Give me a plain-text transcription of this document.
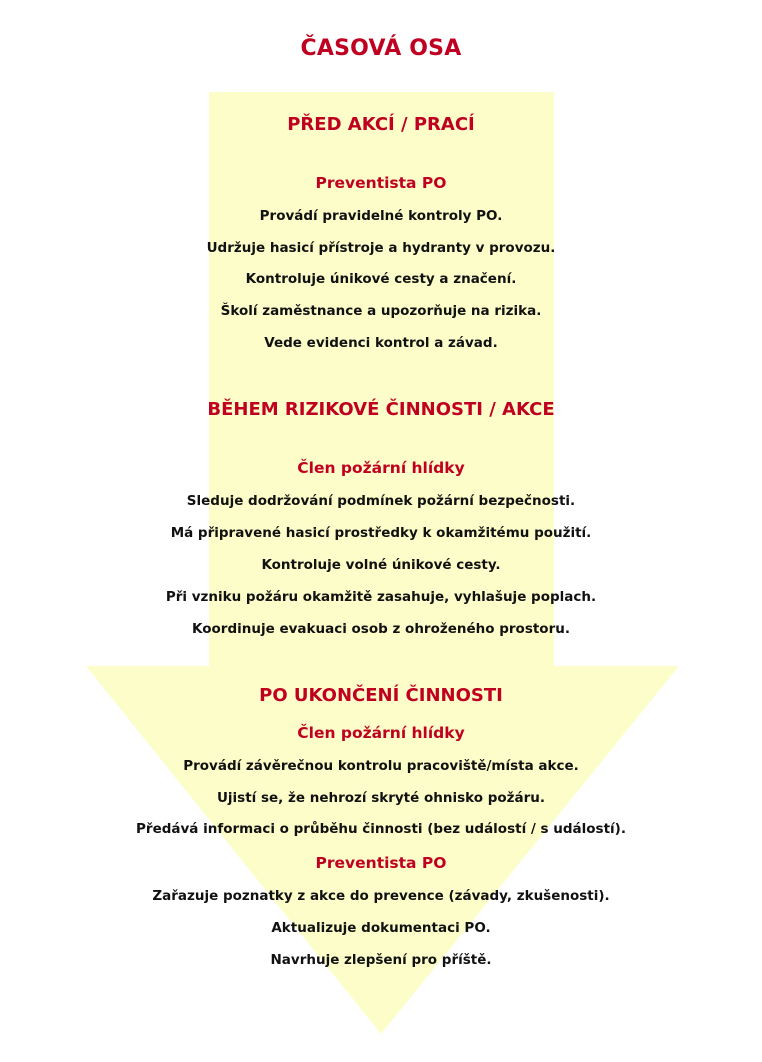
ČASOVÁ OSA
PŘED AKCÍ / PRACÍ
Preventista PO
Provádí pravidelné kontroly PO.
Udržuje hasicí přístroje a hydranty v provozu.
Kontroluje únikové cesty a značení.
Školí zaměstnance a upozorňuje na rizika.
Vede evidenci kontrol a závad.
BĚHEM RIZIKOVÉ ČINNOSTI / AKCE
Člen požární hlídky
Sleduje dodržování podmínek požární bezpečnosti.
Má připravené hasicí prostředky k okamžitému použití.
Kontroluje volné únikové cesty.
Při vzniku požáru okamžitě zasahuje, vyhlašuje poplach.
Koordinuje evakuaci osob z ohroženého prostoru.
PO UKONČENÍ ČINNOSTI
Člen požární hlídky
Provádí závěrečnou kontrolu pracoviště/místa akce.
Ujistí se, že nehrozí skryté ohnisko požáru.
Předává informaci o průběhu činnosti (bez událostí / s událostí).
Preventista PO
Zařazuje poznatky z akce do prevence (závady, zkušenosti).
Aktualizuje dokumentaci PO.
Navrhuje zlepšení pro příště.
